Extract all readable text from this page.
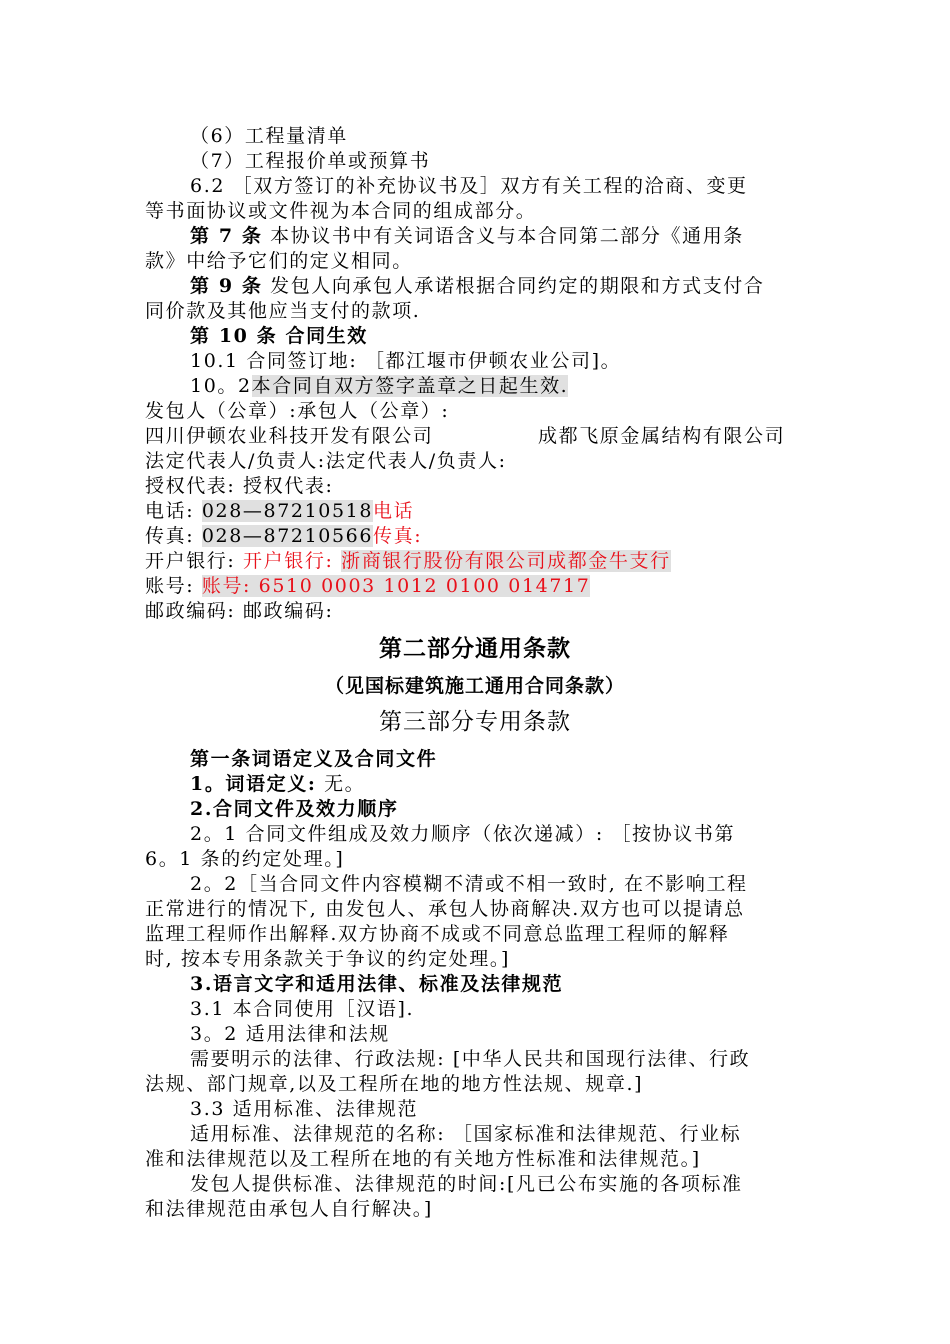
（6）工程量清单
（7）工程报价单或预算书
6.2 ［双方签订的补充协议书及］双方有关工程的洽商、变更
等书面协议或文件视为本合同的组成部分。
第 7 条 本协议书中有关词语含义与本合同第二部分《通用条
款》中给予它们的定义相同。
第 9 条 发包人向承包人承诺根据合同约定的期限和方式支付合
同价款及其他应当支付的款项.
第 10 条 合同生效
10.1 合同签订地: ［都江堰市伊顿农业公司]。
10。2本合同自双方签字盖章之日起生效.
发包人（公章）:承包人（公章）:
四川伊顿农业科技开发有限公司	成都飞原金属结构有限公司
法定代表人/负责人:法定代表人/负责人:
授权代表: 授权代表:
电话: 028—87210518电话
传真: 028—87210566传真:
开户银行: 开户银行: 浙商银行股份有限公司成都金牛支行
账号: 账号: 6510 0003 1012 0100 014717
邮政编码: 邮政编码:
第二部分通用条款
（见国标建筑施工通用合同条款）
第三部分专用条款
第一条词语定义及合同文件
1。词语定义: 无。
2.合同文件及效力顺序
2。1 合同文件组成及效力顺序（依次递减）: ［按协议书第
6。1 条的约定处理。]
2。2［当合同文件内容模糊不清或不相一致时, 在不影响工程
正常进行的情况下, 由发包人、承包人协商解决.双方也可以提请总
监理工程师作出解释.双方协商不成或不同意总监理工程师的解释
时, 按本专用条款关于争议的约定处理。]
3.语言文字和适用法律、标准及法律规范
3.1 本合同使用［汉语].
3。2 适用法律和法规
需要明示的法律、行政法规: [中华人民共和国现行法律、行政
法规、部门规章,以及工程所在地的地方性法规、规章.]
3.3 适用标准、法律规范
适用标准、法律规范的名称: ［国家标准和法律规范、行业标
准和法律规范以及工程所在地的有关地方性标准和法律规范。]
发包人提供标准、法律规范的时间:[凡已公布实施的各项标准
和法律规范由承包人自行解决。]
